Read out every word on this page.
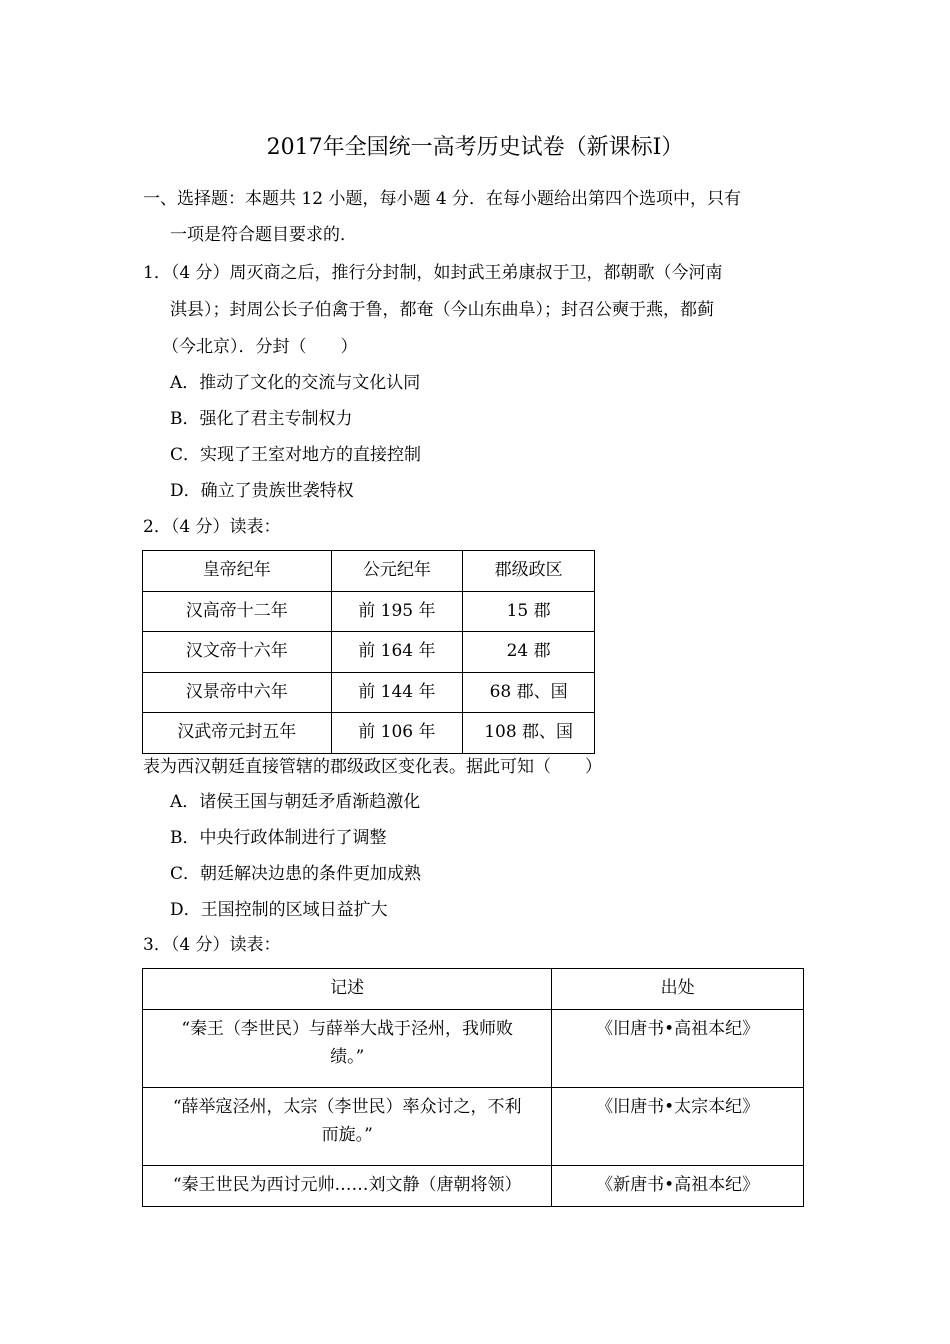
2017年全国统一高考历史试卷（新课标Ⅰ）
一、选择题：本题共 12 小题，每小题 4 分．在每小题给出第四个选项中，只有
一项是符合题目要求的．
1．（4 分）周灭商之后，推行分封制，如封武王弟康叔于卫，都朝歌（今河南
淇县）；封周公长子伯禽于鲁，都奄（今山东曲阜）；封召公奭于燕，都蓟
（今北京）．分封（　　）
A．推动了文化的交流与文化认同
B．强化了君主专制权力
C．实现了王室对地方的直接控制
D．确立了贵族世袭特权
2．（4 分）读表：
皇帝纪年	公元纪年	郡级政区
汉高帝十二年	前 195 年	15 郡
汉文帝十六年	前 164 年	24 郡
汉景帝中六年	前 144 年	68 郡、国
汉武帝元封五年	前 106 年	108 郡、国
表为西汉朝廷直接管辖的郡级政区变化表。据此可知（　　）
A．诸侯王国与朝廷矛盾渐趋激化
B．中央行政体制进行了调整
C．朝廷解决边患的条件更加成熟
D．王国控制的区域日益扩大
3．（4 分）读表：
记述	出处

“秦王（李世民）与薛举大战于泾州，我师败
绩。”	《旧唐书•高祖本纪》

“薛举寇泾州，太宗（李世民）率众讨之，不利
而旋。”	《旧唐书•太宗本纪》

“秦王世民为西讨元帅……刘文静（唐朝将领）	《新唐书•高祖本纪》
